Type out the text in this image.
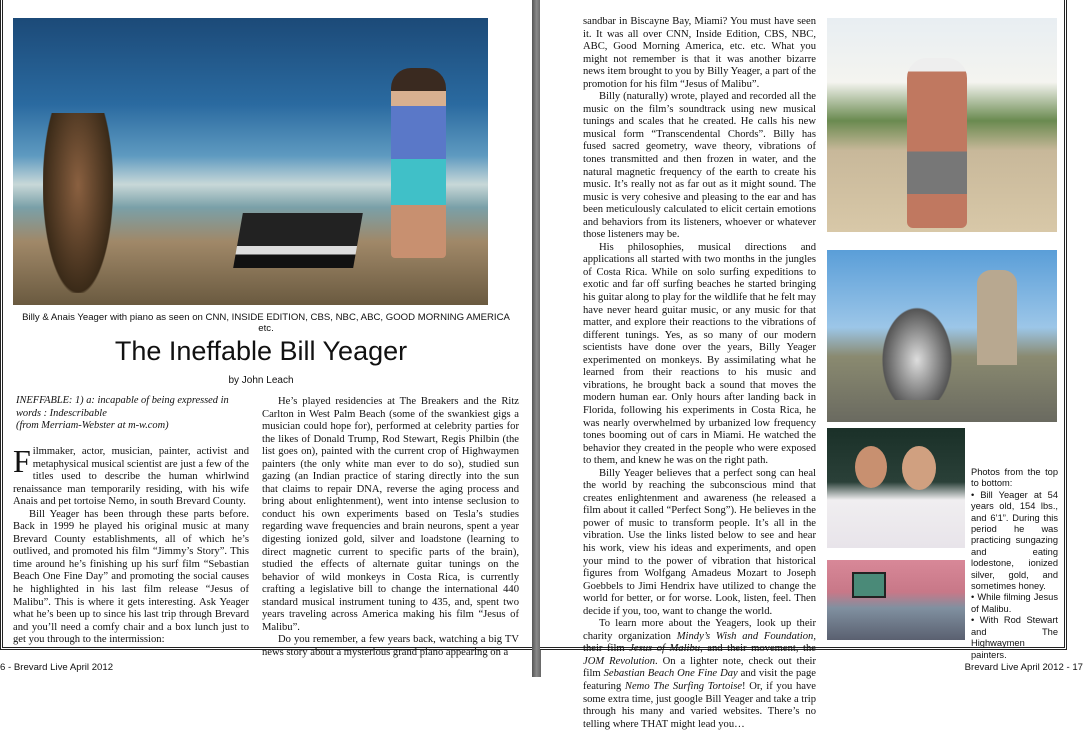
Billy & Anais Yeager with piano as seen on CNN, INSIDE EDITION, CBS, NBC, ABC, GOOD MORNING AMERICA etc.
The Ineffable Bill Yeager
by John Leach
INEFFABLE: 1) a: incapable of being expressed in words : Indescribable
(from Merriam-Webster at m-w.com)

Filmmaker, actor, musician, painter, activist and metaphysical musical scientist are just a few of the titles used to describe the human whirlwind renaissance man temporarily residing, with his wife Anais and pet tortoise Nemo, in south Brevard County.

Bill Yeager has been through these parts before. Back in 1999 he played his original music at many Brevard County establishments, all of which he’s outlived, and promoted his film “Jimmy’s Story”. This time around he’s finishing up his surf film “Sebastian Beach One Fine Day” and promoting the social causes he highlighted in his last film release “Jesus of Malibu”. This is where it gets interesting. Ask Yeager what he’s been up to since his last trip through Brevard and you’ll need a comfy chair and a box lunch just to get you through to the intermission:

He’s played residencies at The Breakers and the Ritz Carlton in West Palm Beach (some of the swankiest gigs a musician could hope for), performed at celebrity parties for the likes of Donald Trump, Rod Stewart, Regis Philbin (the list goes on), painted with the current crop of Highwaymen painters (the only white man ever to do so), studied sun gazing (an Indian practice of staring directly into the sun that claims to repair DNA, reverse the aging process and bring about enlightenment), went into intense seclusion to conduct his own experiments based on Tesla’s studies regarding wave frequencies and brain neurons, spent a year digesting ionized gold, silver and loadstone (learning to direct magnetic current to specific parts of the brain), studied the effects of alternate guitar tunings on the behavior of wild monkeys in Costa Rica, is currently crafting a legislative bill to change the international 440 standard musical instrument tuning to 435, and, spent two years traveling across America making his film “Jesus of Malibu”.

Do you remember, a few years back, watching a big TV news story about a mysterious grand piano appearing on a

sandbar in Biscayne Bay, Miami? You must have seen it. It was all over CNN, Inside Edition, CBS, NBC, ABC, Good Morning America, etc. etc. What you might not remember is that it was another bizarre news item brought to you by Billy Yeager, a part of the promotion for his film “Jesus of Malibu”.

Billy (naturally) wrote, played and recorded all the music on the film’s soundtrack using new musical tunings and scales that he created. He calls his new musical form “Transcendental Chords”. Billy has fused sacred geometry, wave theory, vibrations of tones transmitted and then frozen in water, and the natural magnetic frequency of the earth to create his music. It’s really not as far out as it might sound. The music is very cohesive and pleasing to the ear and has been meticulously calculated to elicit certain emotions and behaviors from its listeners, whoever or whatever those listeners may be.

His philosophies, musical directions and applications all started with two months in the jungles of Costa Rica. While on solo surfing expeditions to exotic and far off surfing beaches he started bringing his guitar along to play for the wildlife that he felt may have never heard guitar music, or any music for that matter, and explore their reactions to the vibrations of different tunings. Yes, as so many of our modern scientists have done over the years, Billy Yeager experimented on monkeys. By assimilating what he learned from their reactions to his music and vibrations, he brought back a sound that moves the modern human ear. Only hours after landing back in Florida, following his experiments in Costa Rica, he was nearly overwhelmed by urbanized low frequency tones booming out of cars in Miami. He watched the behavior they created in the people who were exposed to them, and knew he was on the right path.

Billy Yeager believes that a perfect song can heal the world by reaching the subconscious mind that creates enlightenment and awareness (he released a film about it called “Perfect Song”). He believes in the power of music to transform people. It’s all in the vibration. Use the links listed below to see and hear his work, view his ideas and experiments, and open your mind to the power of vibration that historical figures from Wolfgang Amadeus Mozart to Joseph Goebbels to Jimi Hendrix have utilized to change the world for better, or for worse. Look, listen, feel. Then decide if you, too, want to change the world.

To learn more about the Yeagers, look up their charity organization Mindy’s Wish and Foundation, their film Jesus of Malibu, and their movement, the JOM Revolution. On a lighter note, check out their film Sebastian Beach One Fine Day and visit the page featuring Nemo The Surfing Tortoise! Or, if you have some extra time, just google Bill Yeager and take a trip through his many and varied websites. There’s no telling where THAT might lead you…

Photos from the top to bottom:
• Bill Yeager at 54 years old, 154 lbs., and 6’1”. During this period he was practicing sungazing and eating lodestone, ionized silver, gold, and sometimes honey.
• While filming Jesus of Malibu.
• With Rod Stewart and The Highwaymen painters.
6 - Brevard Live April 2012	Brevard Live April 2012 - 17
